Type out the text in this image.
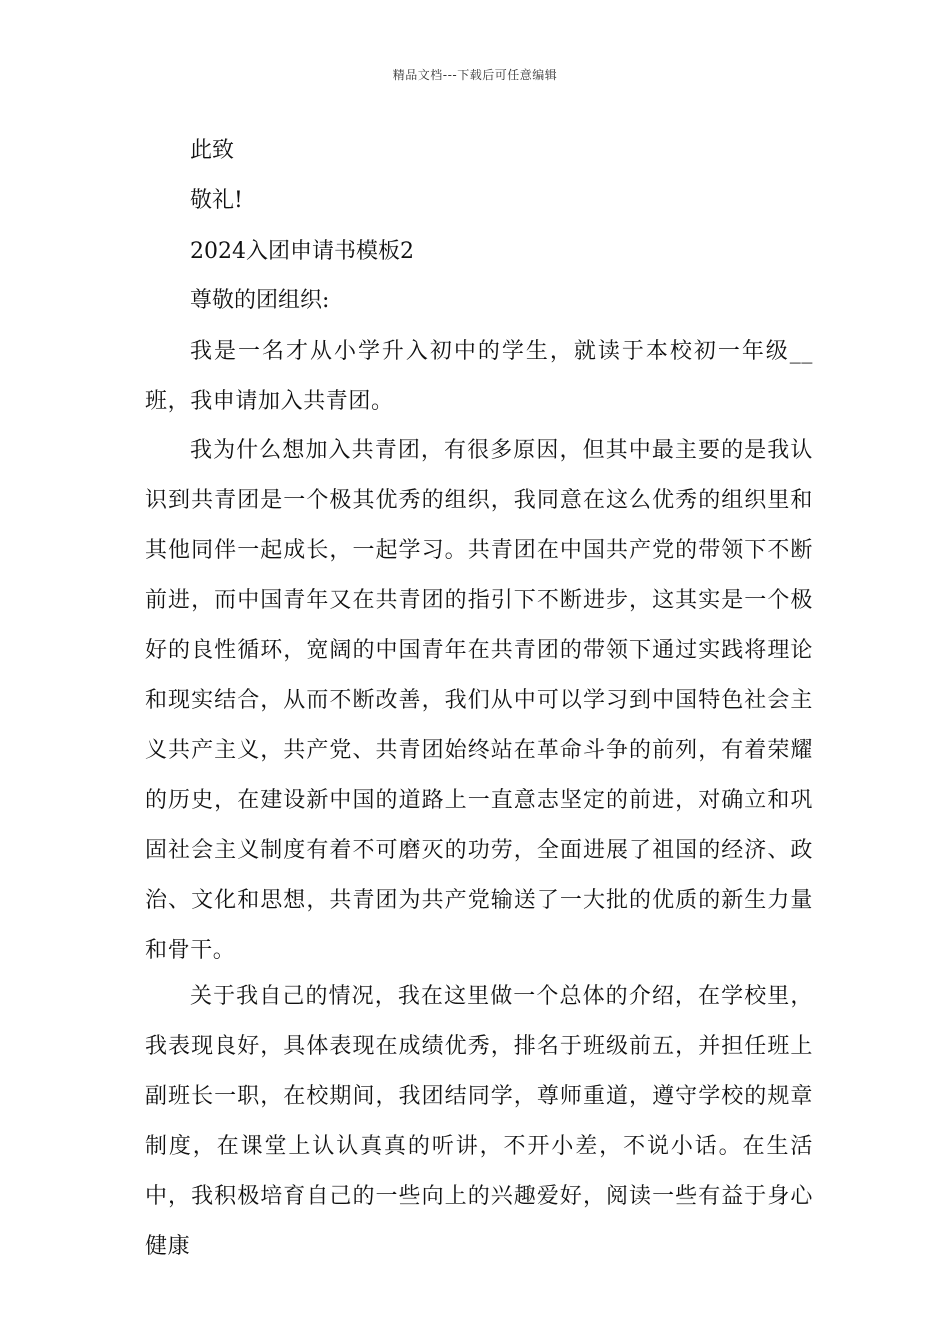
精品文档---下载后可任意编辑
此致
敬礼!
2024入团申请书模板2
尊敬的团组织:

我是一名才从小学升入初中的学生，就读于本校初一年级__班，我申请加入共青团。

我为什么想加入共青团，有很多原因，但其中最主要的是我认识到共青团是一个极其优秀的组织，我同意在这么优秀的组织里和其他同伴一起成长，一起学习。共青团在中国共产党的带领下不断前进，而中国青年又在共青团的指引下不断进步，这其实是一个极好的良性循环，宽阔的中国青年在共青团的带领下通过实践将理论和现实结合，从而不断改善，我们从中可以学习到中国特色社会主义共产主义，共产党、共青团始终站在革命斗争的前列，有着荣耀的历史，在建设新中国的道路上一直意志坚定的前进，对确立和巩固社会主义制度有着不可磨灭的功劳，全面进展了祖国的经济、政治、文化和思想，共青团为共产党输送了一大批的优质的新生力量和骨干。

关于我自己的情况，我在这里做一个总体的介绍，在学校里，我表现良好，具体表现在成绩优秀，排名于班级前五，并担任班上副班长一职，在校期间，我团结同学，尊师重道，遵守学校的规章制度，在课堂上认认真真的听讲，不开小差，不说小话。在生活中，我积极培育自己的一些向上的兴趣爱好，阅读一些有益于身心健康
